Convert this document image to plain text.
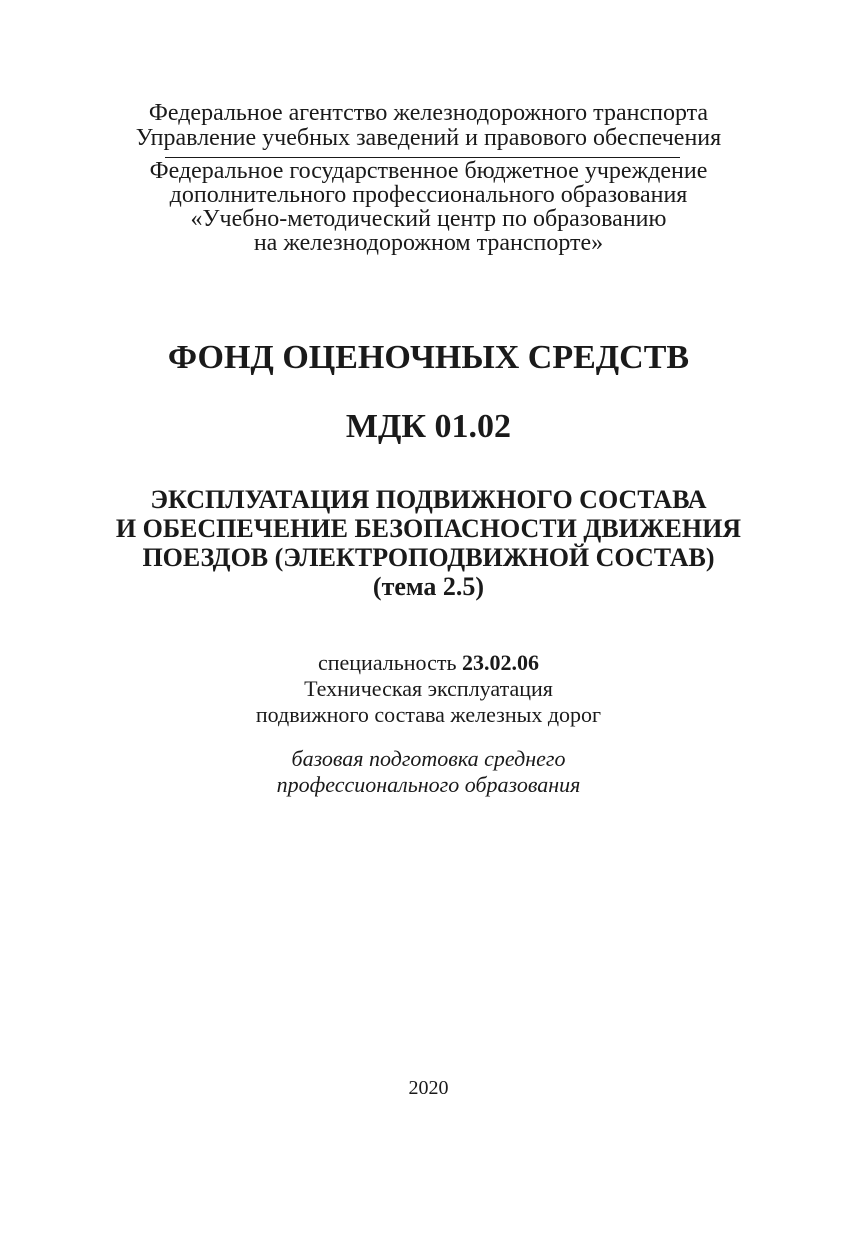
Федеральное агентство железнодорожного транспорта
Управление учебных заведений и правового обеспечения
Федеральное государственное бюджетное учреждение
дополнительного профессионального образования
«Учебно-методический центр по образованию
на железнодорожном транспорте»
ФОНД ОЦЕНОЧНЫХ СРЕДСТВ
МДК 01.02
ЭКСПЛУАТАЦИЯ ПОДВИЖНОГО СОСТАВА
И ОБЕСПЕЧЕНИЕ БЕЗОПАСНОСТИ ДВИЖЕНИЯ
ПОЕЗДОВ (ЭЛЕКТРОПОДВИЖНОЙ СОСТАВ)
(тема 2.5)
специальность 23.02.06
Техническая эксплуатация
подвижного состава железных дорог
базовая подготовка среднего
профессионального образования
2020
